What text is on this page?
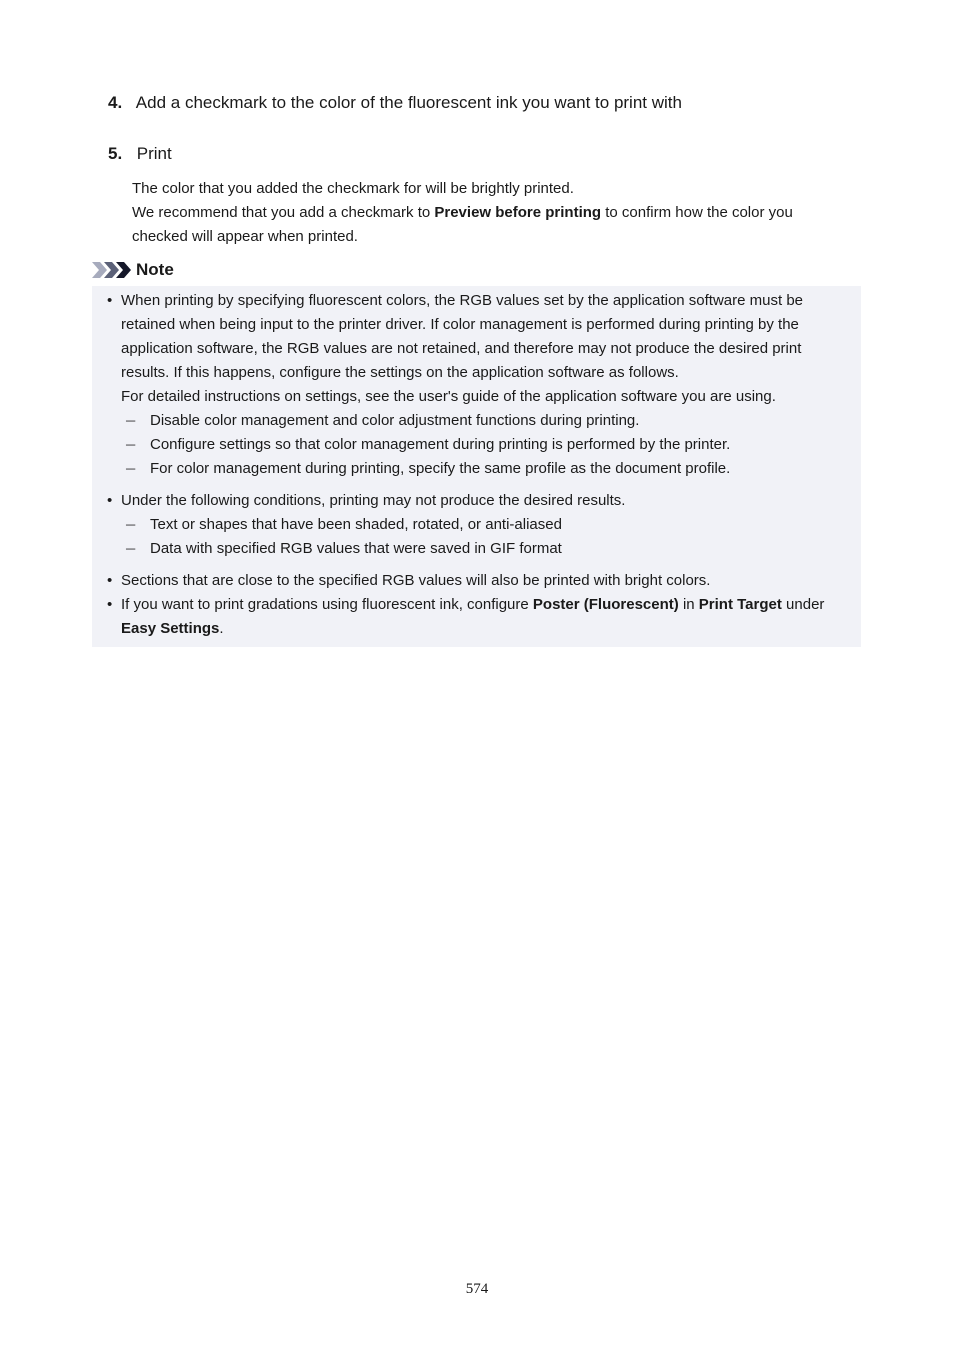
4. Add a checkmark to the color of the fluorescent ink you want to print with
5. Print

The color that you added the checkmark for will be brightly printed.

We recommend that you add a checkmark to Preview before printing to confirm how the color you checked will appear when printed.

Note

• When printing by specifying fluorescent colors, the RGB values set by the application software must be retained when being input to the printer driver. If color management is performed during printing by the application software, the RGB values are not retained, and therefore may not produce the desired print results. If this happens, configure the settings on the application software as follows.

For detailed instructions on settings, see the user's guide of the application software you are using.

─ Disable color management and color adjustment functions during printing.
─ Configure settings so that color management during printing is performed by the printer.
─ For color management during printing, specify the same profile as the document profile.

• Under the following conditions, printing may not produce the desired results.

─ Text or shapes that have been shaded, rotated, or anti-aliased
─ Data with specified RGB values that were saved in GIF format

• Sections that are close to the specified RGB values will also be printed with bright colors.

• If you want to print gradations using fluorescent ink, configure Poster (Fluorescent) in Print Target under Easy Settings.

574
